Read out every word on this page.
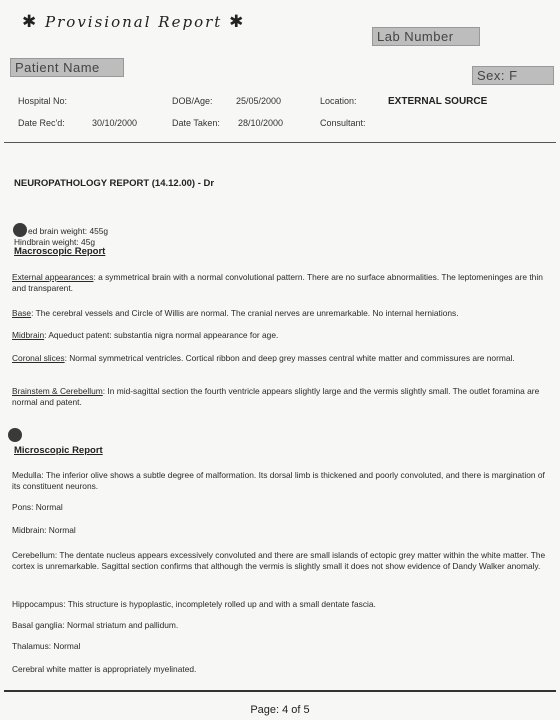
✱ Provisional Report ✱
Lab Number
Patient Name
Sex: F
Hospital No:	DOB/Age:	25/05/2000	Location:	EXTERNAL SOURCE
Date Rec'd:	30/10/2000	Date Taken: 28/10/2000	Consultant:
NEUROPATHOLOGY REPORT (14.12.00) - Dr
ed brain weight: 455g
Hindbrain weight: 45g
Macroscopic Report
External appearances: a symmetrical brain with a normal convolutional pattern. There are no surface abnormalities. The leptomeninges are thin and transparent.
Base: The cerebral vessels and Circle of Willis are normal. The cranial nerves are unremarkable. No internal herniations.
Midbrain: Aqueduct patent: substantia nigra normal appearance for age.
Coronal slices: Normal symmetrical ventricles. Cortical ribbon and deep grey masses central white matter and commissures are normal.
Brainstem & Cerebellum: In mid-sagittal section the fourth ventricle appears slightly large and the vermis slightly small. The outlet foramina are normal and patent.
Microscopic Report
Medulla: The inferior olive shows a subtle degree of malformation. Its dorsal limb is thickened and poorly convoluted, and there is margination of its constituent neurons.
Pons: Normal
Midbrain: Normal
Cerebellum: The dentate nucleus appears excessively convoluted and there are small islands of ectopic grey matter within the white matter. The cortex is unremarkable. Sagittal section confirms that although the vermis is slightly small it does not show evidence of Dandy Walker anomaly.
Hippocampus: This structure is hypoplastic, incompletely rolled up and with a small dentate fascia.
Basal ganglia: Normal striatum and pallidum.
Thalamus: Normal
Cerebral white matter is appropriately myelinated.
Page: 4 of 5
